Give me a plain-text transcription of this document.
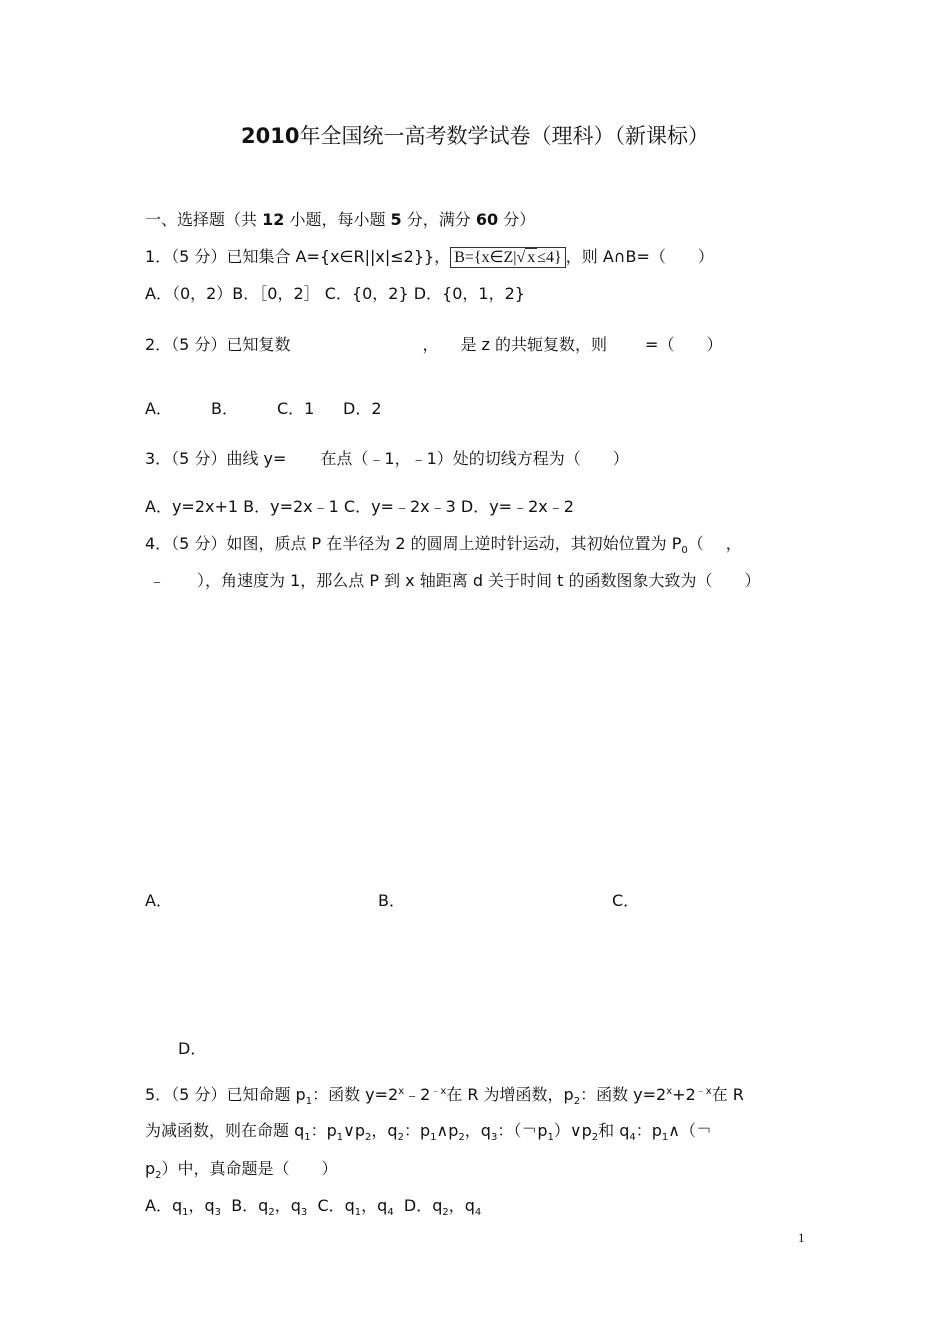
2010年全国统一高考数学试卷（理科）（新课标）
一、选择题（共 12 小题，每小题 5 分，满分 60 分）
1．（5 分）已知集合 A={x∈R||x|≤2}}， B={x∈Z|√ x ≤4} ，则 A∩B=（　　）
A．（0，2）B．［0，2］ C．{0，2} D．{0，1，2}
2．（5 分）已知复数	， 是 z 的共轭复数，则 =（　　）
A． B． C．1 D．2
3．（5 分）曲线 y= 在点（﹣1，﹣1）处的切线方程为（　　）
A．y=2x+1 B．y=2x﹣1 C．y=﹣2x﹣3 D．y=﹣2x﹣2
4．（5 分）如图，质点 P 在半径为 2 的圆周上逆时针运动，其初始位置为 $P_0$（ ，
﹣　　），角速度为 1，那么点 P 到 x 轴距离 d 关于时间 t 的函数图象大致为（　　）
A．	B．	C．
D．
5．（5 分）已知命题 $p_1$：函数 $y=2^x﹣2^{﹣x}$在 R 为增函数，$p_2$：函数 $y=2^x+2^{﹣x}$在 R
为减函数，则在命题 $q_1$：$p_1\vee p_2$，$q_2$：$p_1\wedge p_2$，$q_3$：（￢$p_1)\vee p_2$和 $q_4$：$p_1\wedge$（￢
$p_2$）中，真命题是（　　）
A．$q_1$，$q_3$ B．$q_2$，$q_3$ C．$q_1$，$q_4$ D．$q_2$，$q_4$
1
